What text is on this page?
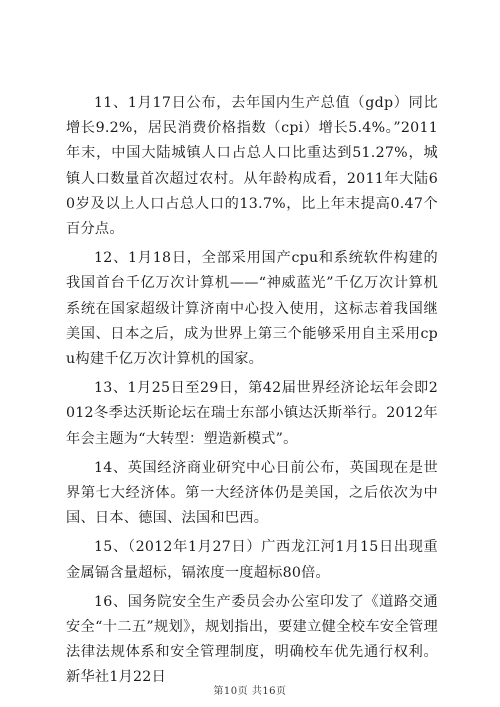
11、1月17日公布，去年国内生产总值（gdp）同比增长9.2%，居民消费价格指数（cpi）增长5.4%。”2011年末，中国大陆城镇人口占总人口比重达到51.27%，城镇人口数量首次超过农村。从年龄构成看，2011年大陆60岁及以上人口占总人口的13.7%，比上年末提高0.47个百分点。

12、1月18日，全部采用国产cpu和系统软件构建的我国首台千亿万次计算机——“神威蓝光”千亿万次计算机系统在国家超级计算济南中心投入使用，这标志着我国继美国、日本之后，成为世界上第三个能够采用自主采用cpu构建千亿万次计算机的国家。

13、1月25日至29日，第42届世界经济论坛年会即2012冬季达沃斯论坛在瑞士东部小镇达沃斯举行。2012年年会主题为“大转型：塑造新模式”。

14、英国经济商业研究中心日前公布，英国现在是世界第七大经济体。第一大经济体仍是美国，之后依次为中国、日本、德国、法国和巴西。

15、（2012年1月27日）广西龙江河1月15日出现重金属镉含量超标，镉浓度一度超标80倍。

16、国务院安全生产委员会办公室印发了《道路交通安全“十二五”规划》，规划指出，要建立健全校车安全管理法律法规体系和安全管理制度，明确校车优先通行权利。新华社1月22日

第10页 共16页
